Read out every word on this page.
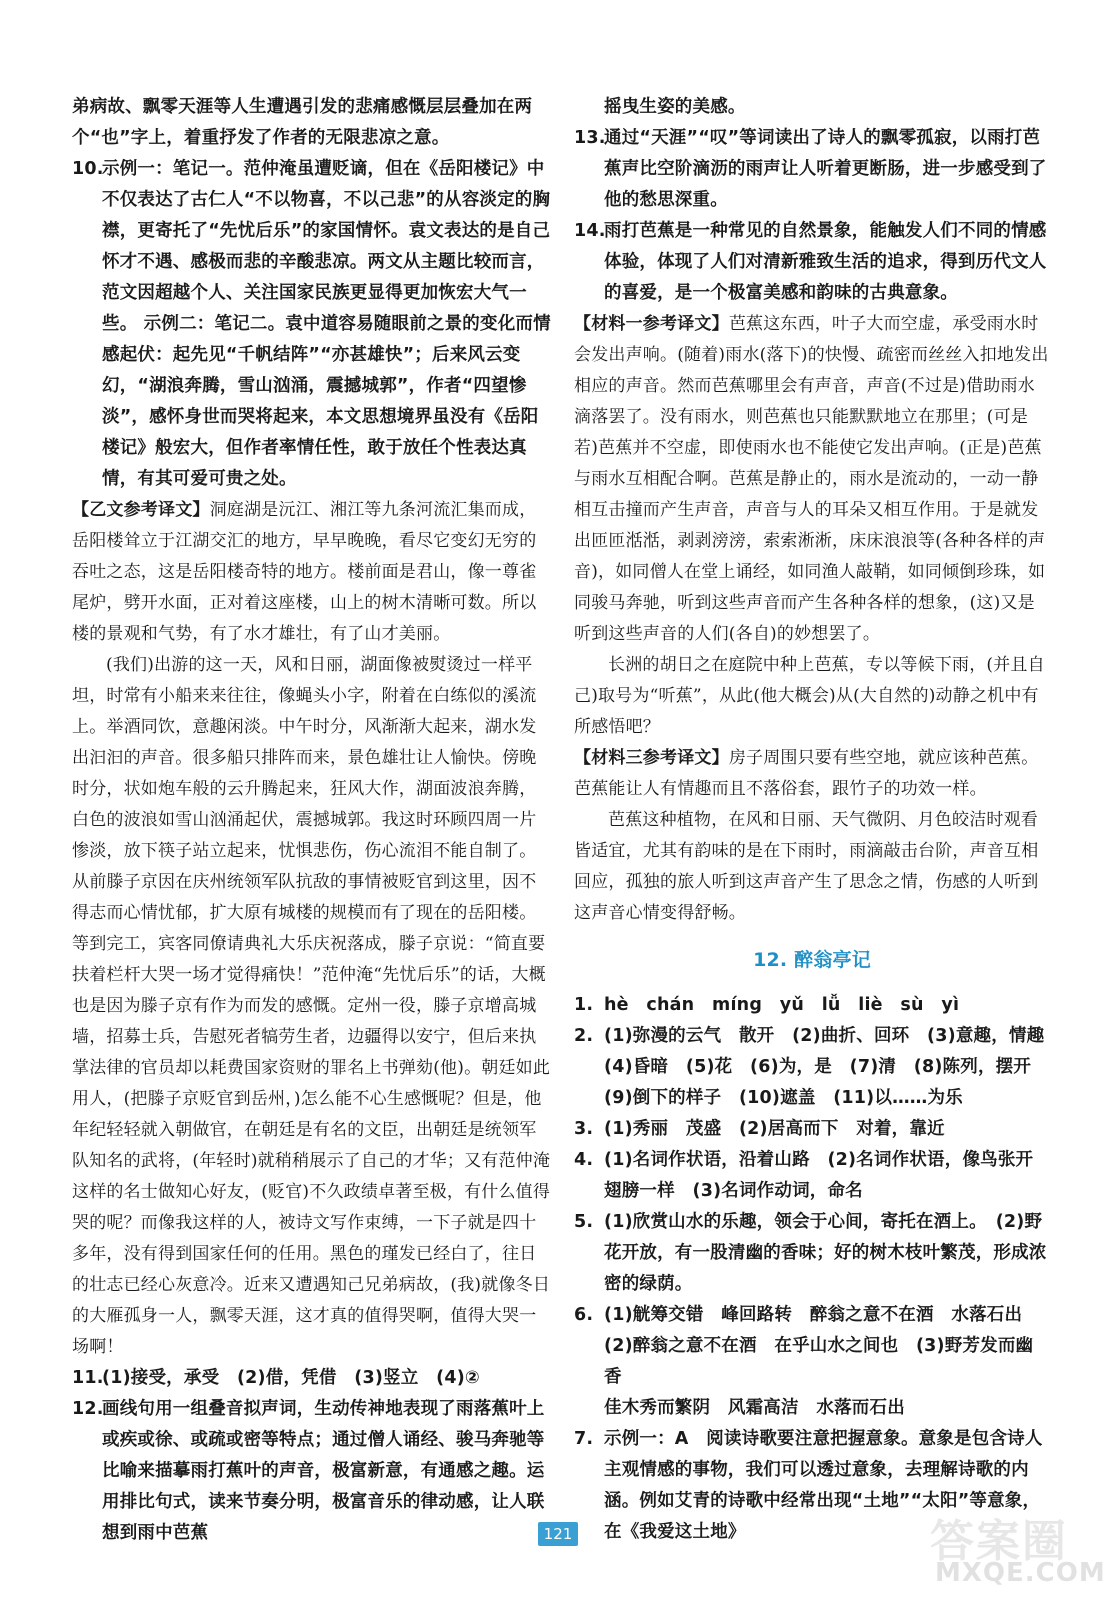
弟病故、飘零天涯等人生遭遇引发的悲痛感慨层层叠加在两个“也”字上，着重抒发了作者的无限悲凉之意。

10.示例一：笔记一。范仲淹虽遭贬谪，但在《岳阳楼记》中不仅表达了古仁人“不以物喜，不以己悲”的从容淡定的胸襟，更寄托了“先忧后乐”的家国情怀。袁文表达的是自己怀才不遇、感极而悲的辛酸悲凉。两文从主题比较而言，范文因超越个人、关注国家民族更显得更加恢宏大气一些。 示例二：笔记二。袁中道容易随眼前之景的变化而情感起伏：起先见“千帆结阵”“亦甚雄快”；后来风云变幻，“湖浪奔腾，雪山汹涌，震撼城郭”，作者“四望惨淡”，感怀身世而哭将起来，本文思想境界虽没有《岳阳楼记》般宏大，但作者率情任性，敢于放任个性表达真情，有其可爱可贵之处。

【乙文参考译文】洞庭湖是沅江、湘江等九条河流汇集而成，岳阳楼耸立于江湖交汇的地方，早早晚晚，看尽它变幻无穷的吞吐之态，这是岳阳楼奇特的地方。楼前面是君山，像一尊雀尾炉，劈开水面，正对着这座楼，山上的树木清晰可数。所以楼的景观和气势，有了水才雄壮，有了山才美丽。

(我们)出游的这一天，风和日丽，湖面像被熨烫过一样平坦，时常有小船来来往往，像蝇头小字，附着在白练似的溪流上。举酒同饮，意趣闲淡。中午时分，风渐渐大起来，湖水发出汩汩的声音。很多船只排阵而来，景色雄壮让人愉快。傍晚时分，状如炮车般的云升腾起来，狂风大作，湖面波浪奔腾，白色的波浪如雪山汹涌起伏，震撼城郭。我这时环顾四周一片惨淡，放下筷子站立起来，忧惧悲伤，伤心流泪不能自制了。从前滕子京因在庆州统领军队抗敌的事情被贬官到这里，因不得志而心情忧郁，扩大原有城楼的规模而有了现在的岳阳楼。等到完工，宾客同僚请典礼大乐庆祝落成，滕子京说：“简直要扶着栏杆大哭一场才觉得痛快！”范仲淹“先忧后乐”的话，大概也是因为滕子京有作为而发的感慨。定州一役，滕子京增高城墙，招募士兵，告慰死者犒劳生者，边疆得以安宁，但后来执掌法律的官员却以耗费国家资财的罪名上书弹劾(他)。朝廷如此用人，(把滕子京贬官到岳州，)怎么能不心生感慨呢？但是，他年纪轻轻就入朝做官，在朝廷是有名的文臣，出朝廷是统领军队知名的武将，(年轻时)就稍稍展示了自己的才华；又有范仲淹这样的名士做知心好友，(贬官)不久政绩卓著至极，有什么值得哭的呢？而像我这样的人，被诗文写作束缚，一下子就是四十多年，没有得到国家任何的任用。黑色的瑾发已经白了，往日的壮志已经心灰意冷。近来又遭遇知己兄弟病故，(我)就像冬日的大雁孤身一人，飘零天涯，这才真的值得哭啊，值得大哭一场啊！

11.(1)接受，承受　(2)借，凭借　(3)竖立　(4)②

12.画线句用一组叠音拟声词，生动传神地表现了雨落蕉叶上或疾或徐、或疏或密等特点；通过僧人诵经、骏马奔驰等比喻来描摹雨打蕉叶的声音，极富新意，有通感之趣。运用排比句式，读来节奏分明，极富音乐的律动感，让人联想到雨中芭蕉

摇曳生姿的美感。

13.通过“天涯”“叹”等词读出了诗人的飘零孤寂，以雨打芭蕉声比空阶滴沥的雨声让人听着更断肠，进一步感受到了他的愁思深重。

14.雨打芭蕉是一种常见的自然景象，能触发人们不同的情感体验，体现了人们对清新雅致生活的追求，得到历代文人的喜爱，是一个极富美感和韵味的古典意象。

【材料一参考译文】芭蕉这东西，叶子大而空虚，承受雨水时会发出声响。(随着)雨水(落下)的快慢、疏密而丝丝入扣地发出相应的声音。然而芭蕉哪里会有声音，声音(不过是)借助雨水滴落罢了。没有雨水，则芭蕉也只能默默地立在那里；(可是若)芭蕉并不空虚，即使雨水也不能使它发出声响。(正是)芭蕉与雨水互相配合啊。芭蕉是静止的，雨水是流动的，一动一静相互击撞而产生声音，声音与人的耳朵又相互作用。于是就发出匝匝湉湉，剥剥滂滂，索索淅淅，床床浪浪等(各种各样的声音)，如同僧人在堂上诵经，如同渔人敲鞘，如同倾倒珍珠，如同骏马奔驰，听到这些声音而产生各种各样的想象，(这)又是听到这些声音的人们(各自)的妙想罢了。

长洲的胡日之在庭院中种上芭蕉，专以等候下雨，(并且自己)取号为“听蕉”，从此(他大概会)从(大自然的)动静之机中有所感悟吧？

【材料三参考译文】房子周围只要有些空地，就应该种芭蕉。芭蕉能让人有情趣而且不落俗套，跟竹子的功效一样。

芭蕉这种植物，在风和日丽、天气微阴、月色皎洁时观看皆适宜，尤其有韵味的是在下雨时，雨滴敲击台阶，声音互相回应，孤独的旅人听到这声音产生了思念之情，伤感的人听到这声音心情变得舒畅。

12. 醉翁亭记

1. hè　chán　míng　yǔ　lǚ　liè　sù　yì

2. (1)弥漫的云气　散开　(2)曲折、回环　(3)意趣，情趣　(4)昏暗　(5)花　(6)为，是　(7)清　(8)陈列，摆开　(9)倒下的样子　(10)遮盖　(11)以……为乐

3. (1)秀丽　茂盛　(2)居高而下　对着，靠近

4. (1)名词作状语，沿着山路　(2)名词作状语，像鸟张开翅膀一样　(3)名词作动词，命名

5. (1)欣赏山水的乐趣，领会于心间，寄托在酒上。　(2)野花开放，有一股清幽的香味；好的树木枝叶繁茂，形成浓密的绿荫。

6. (1)觥筹交错　峰回路转　醉翁之意不在酒　水落石出

(2)醉翁之意不在酒　在乎山水之间也　(3)野芳发而幽香

佳木秀而繁阴　风霜高洁　水落而石出

7. 示例一：A　阅读诗歌要注意把握意象。意象是包含诗人主观情感的事物，我们可以透过意象，去理解诗歌的内涵。例如艾青的诗歌中经常出现“土地”“太阳”等意象，在《我爱这土地》

121	答案圈
MXQE.COM
